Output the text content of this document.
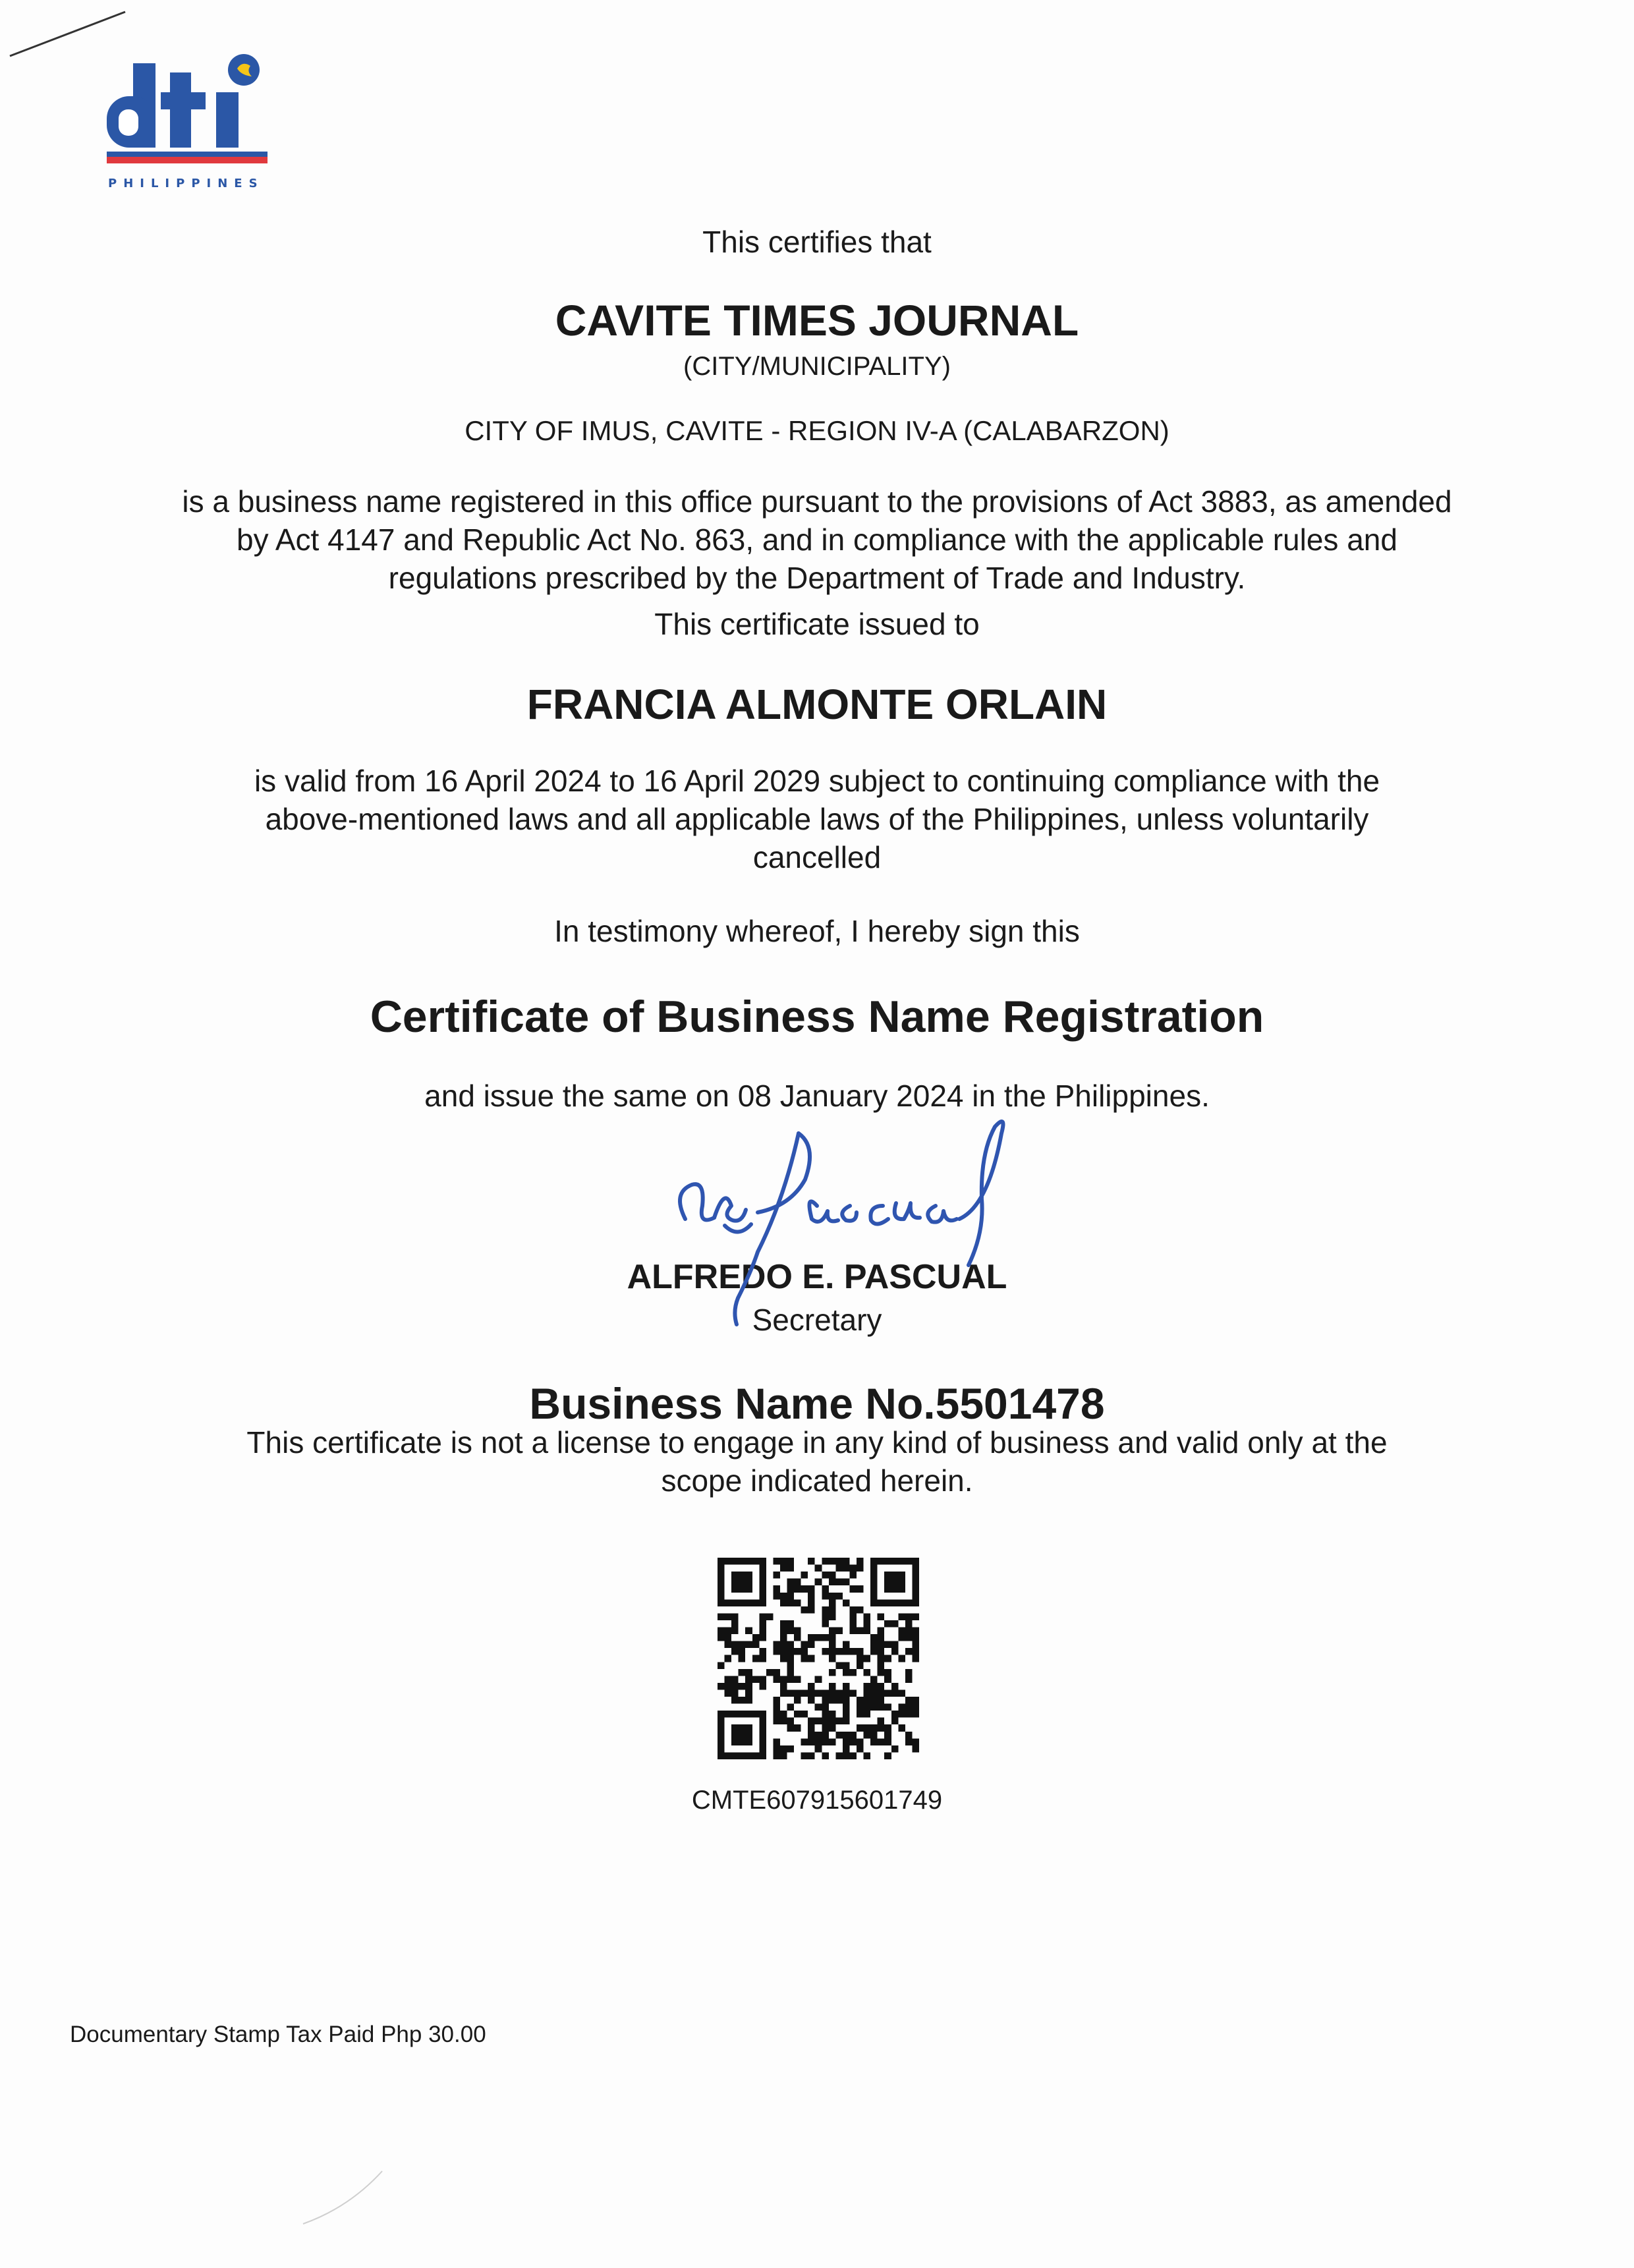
PHILIPPINES
This certifies that
CAVITE TIMES JOURNAL
(CITY/MUNICIPALITY)
CITY OF IMUS, CAVITE - REGION IV-A (CALABARZON)
is a business name registered in this office pursuant to the provisions of Act 3883, as amended
by Act 4147 and Republic Act No. 863, and in compliance with the applicable rules and
regulations prescribed by the Department of Trade and Industry.
This certificate issued to
FRANCIA ALMONTE ORLAIN
is valid from 16 April 2024 to 16 April 2029 subject to continuing compliance with the
above-mentioned laws and all applicable laws of the Philippines, unless voluntarily
cancelled
In testimony whereof, I hereby sign this
Certificate of Business Name Registration
and issue the same on 08 January 2024 in the Philippines.
ALFREDO E. PASCUAL
Secretary
Business Name No.5501478
This certificate is not a license to engage in any kind of business and valid only at the
scope indicated herein.
CMTE607915601749
Documentary Stamp Tax Paid Php 30.00
